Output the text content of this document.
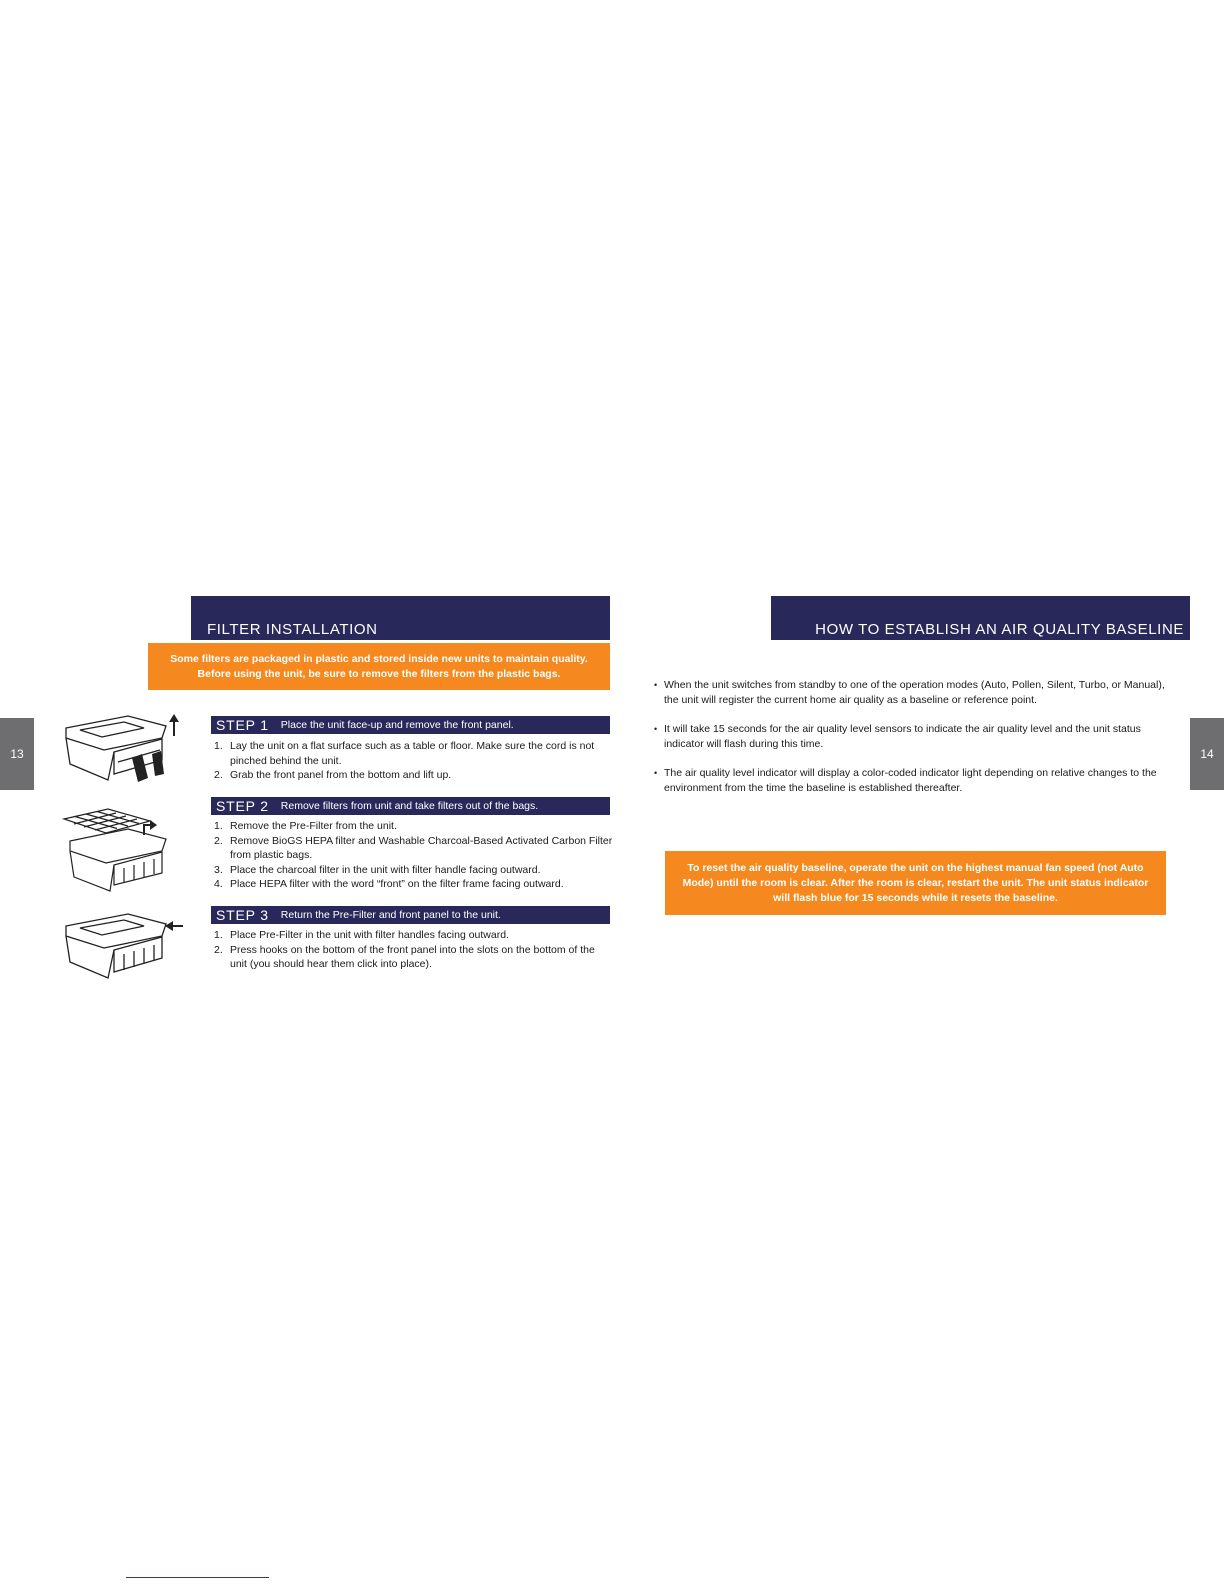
13	14
FILTER INSTALLATION
Some filters are packaged in plastic and stored inside new units to maintain quality. Before using the unit, be sure to remove the filters from the plastic bags.
STEP 1 Place the unit face-up and remove the front panel.
1. Lay the unit on a flat surface such as a table or floor. Make sure the cord is not pinched behind the unit.
2. Grab the front panel from the bottom and lift up.
STEP 2 Remove filters from unit and take filters out of the bags.
1. Remove the Pre-Filter from the unit.
2. Remove BioGS HEPA filter and Washable Charcoal-Based Activated Carbon Filter from plastic bags.
3. Place the charcoal filter in the unit with filter handle facing outward.
4. Place HEPA filter with the word “front” on the filter frame facing outward.
STEP 3 Return the Pre-Filter and front panel to the unit.
1. Place Pre-Filter in the unit with filter handles facing outward.
2. Press hooks on the bottom of the front panel into the slots on the bottom of the unit (you should hear them click into place).
HOW TO ESTABLISH AN AIR QUALITY BASELINE
• When the unit switches from standby to one of the operation modes (Auto, Pollen, Silent, Turbo, or Manual), the unit will register the current home air quality as a baseline or reference point.
• It will take 15 seconds for the air quality level sensors to indicate the air quality level and the unit status indicator will flash during this time.
• The air quality level indicator will display a color-coded indicator light depending on relative changes to the environment from the time the baseline is established thereafter.
To reset the air quality baseline, operate the unit on the highest manual fan speed (not Auto Mode) until the room is clear. After the room is clear, restart the unit. The unit status indicator will flash blue for 15 seconds while it resets the baseline.
